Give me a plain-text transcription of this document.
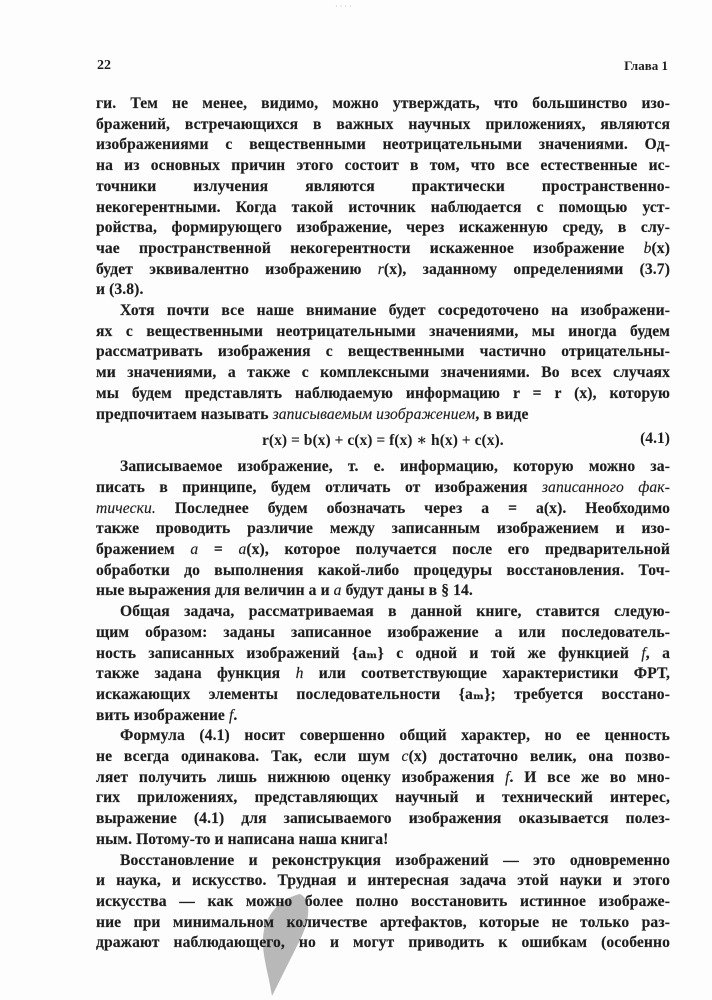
· · · ·
22	Глава 1
ги. Тем не менее, видимо, можно утверждать, что большинство изо-
бражений, встречающихся в важных научных приложениях, являются
изображениями с вещественными неотрицательными значениями. Од-
на из основных причин этого состоит в том, что все естественные ис-
точники излучения являются практически пространственно-
некогерентными. Когда такой источник наблюдается с помощью уст-
ройства, формирующего изображение, через искаженную среду, в слу-
чае пространственной некогерентности искаженное изображение b(x)
будет эквивалентно изображению r(x), заданному определениями (3.7)
и (3.8).
Хотя почти все наше внимание будет сосредоточено на изображени-
ях с вещественными неотрицательными значениями, мы иногда будем
рассматривать изображения с вещественными частично отрицательны-
ми значениями, а также с комплексными значениями. Во всех случаях
мы будем представлять наблюдаемую информацию r = r (x), которую
предпочитаем называть записываемым изображением, в виде
Записываемое изображение, т. е. информацию, которую можно за-
писать в принципе, будем отличать от изображения записанного фак-
тически. Последнее будем обозначать через a = a(x). Необходимо
также проводить различие между записанным изображением и изо-
бражением a = a(x), которое получается после его предварительной
обработки до выполнения какой-либо процедуры восстановления. Точ-
ные выражения для величин a и a будут даны в § 14.
Общая задача, рассматриваемая в данной книге, ставится следую-
щим образом: заданы записанное изображение a или последователь-
ность записанных изображений {aₘ} с одной и той же функцией f, а
также задана функция h или соответствующие характеристики ФРТ,
искажающих элементы последовательности {aₘ}; требуется восстано-
вить изображение f.
Формула (4.1) носит совершенно общий характер, но ее ценность
не всегда одинакова. Так, если шум c(x) достаточно велик, она позво-
ляет получить лишь нижнюю оценку изображения f. И все же во мно-
гих приложениях, представляющих научный и технический интерес,
выражение (4.1) для записываемого изображения оказывается полез-
ным. Потому-то и написана наша книга!
Восстановление и реконструкция изображений — это одновременно
и наука, и искусство. Трудная и интересная задача этой науки и этого
искусства — как можно более полно восстановить истинное изображе-
ние при минимальном количестве артефактов, которые не только раз-
дражают наблюдающего, но и могут приводить к ошибкам (особенно
r(x) = b(x) + c(x) = f(x) ∗ h(x) + c(x).	(4.1)
